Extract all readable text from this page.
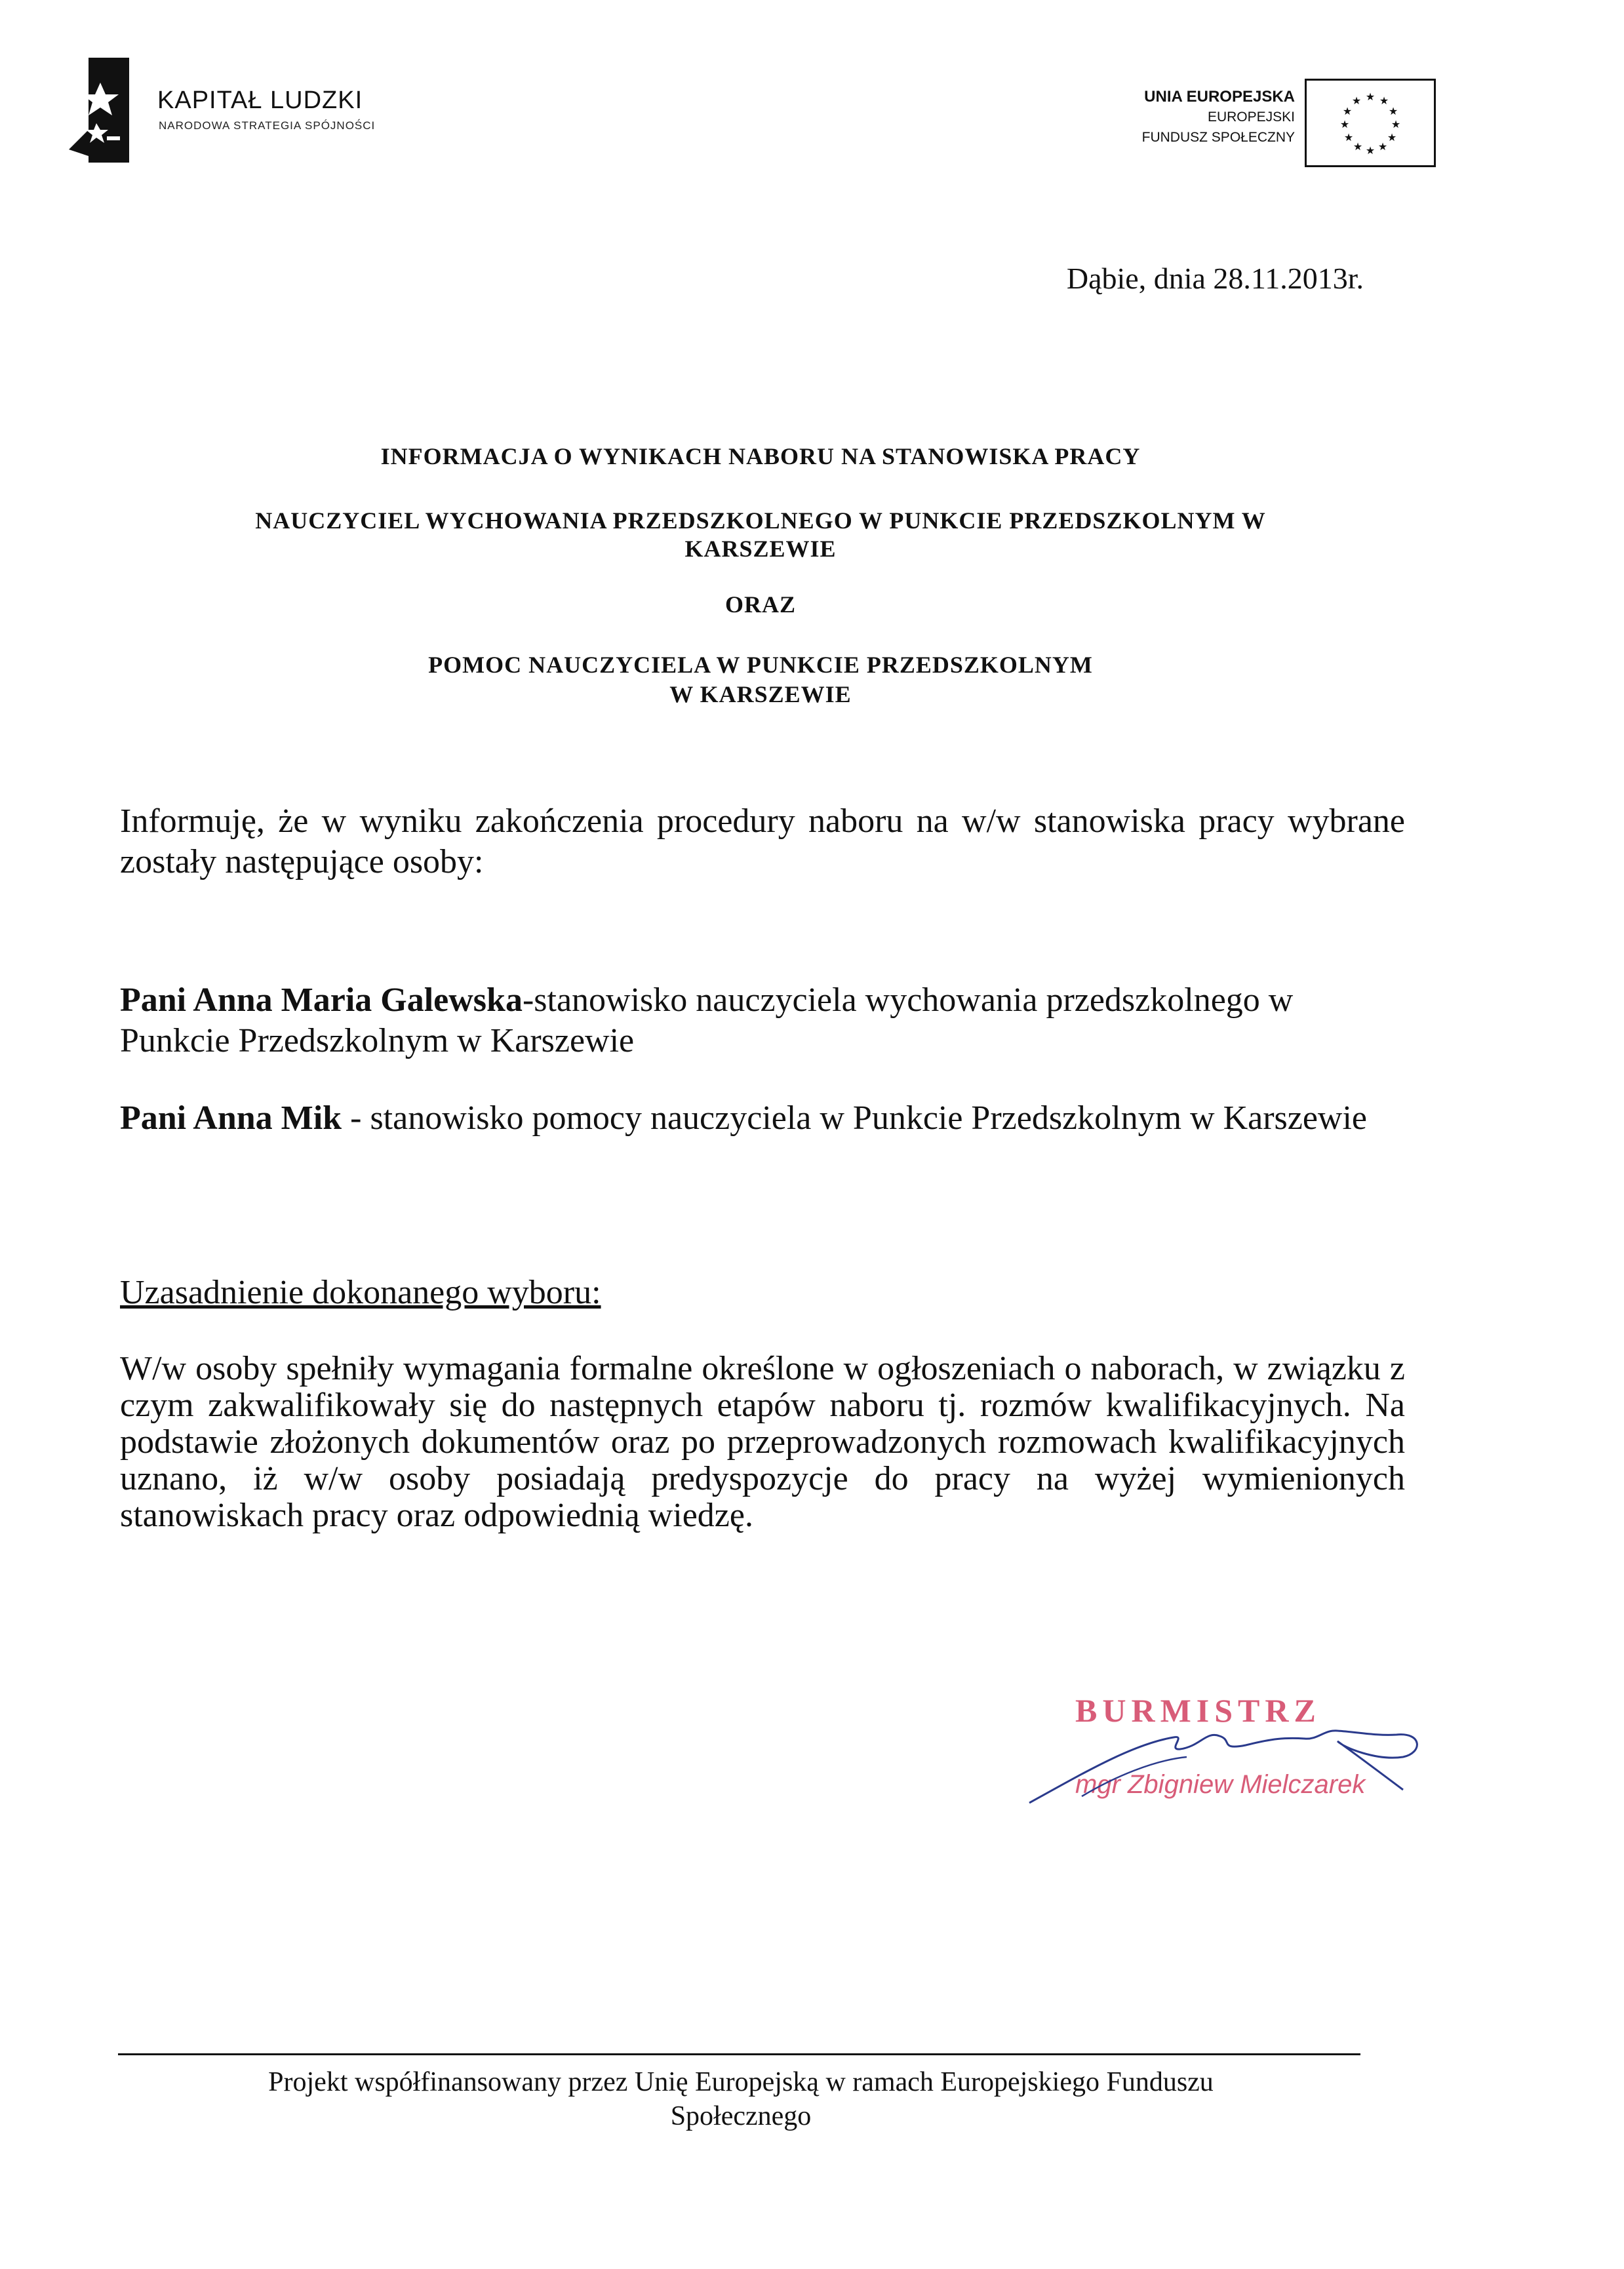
KAPITAŁ LUDZKI
NARODOWA STRATEGIA SPÓJNOŚCI
UNIA EUROPEJSKA
EUROPEJSKI
FUNDUSZ SPOŁECZNY
★ ★
★
★
★
★
★
★
★
★
★ ★
Dąbie, dnia 28.11.2013r.
INFORMACJA O WYNIKACH NABORU NA STANOWISKA PRACY
NAUCZYCIEL WYCHOWANIA PRZEDSZKOLNEGO W PUNKCIE PRZEDSZKOLNYM W
KARSZEWIE
ORAZ
POMOC NAUCZYCIELA W PUNKCIE PRZEDSZKOLNYM
W KARSZEWIE
Informuję, że w wyniku zakończenia procedury naboru na w/w stanowiska pracy wybrane zostały następujące osoby:
Pani Anna Maria Galewska-stanowisko nauczyciela wychowania przedszkolnego w Punkcie Przedszkolnym w Karszewie
Pani Anna Mik - stanowisko pomocy nauczyciela w Punkcie Przedszkolnym w Karszewie
Uzasadnienie dokonanego wyboru:
W/w osoby spełniły wymagania formalne określone w ogłoszeniach o naborach, w związku z czym zakwalifikowały się do następnych etapów naboru tj. rozmów kwalifikacyjnych. Na podstawie złożonych dokumentów oraz po przeprowadzonych rozmowach kwalifikacyjnych uznano, iż w/w osoby posiadają predyspozycje do pracy na wyżej wymienionych stanowiskach pracy oraz odpowiednią wiedzę.
BURMISTRZ
mgr Zbigniew Mielczarek
Projekt współfinansowany przez Unię Europejską w ramach Europejskiego Funduszu
Społecznego
